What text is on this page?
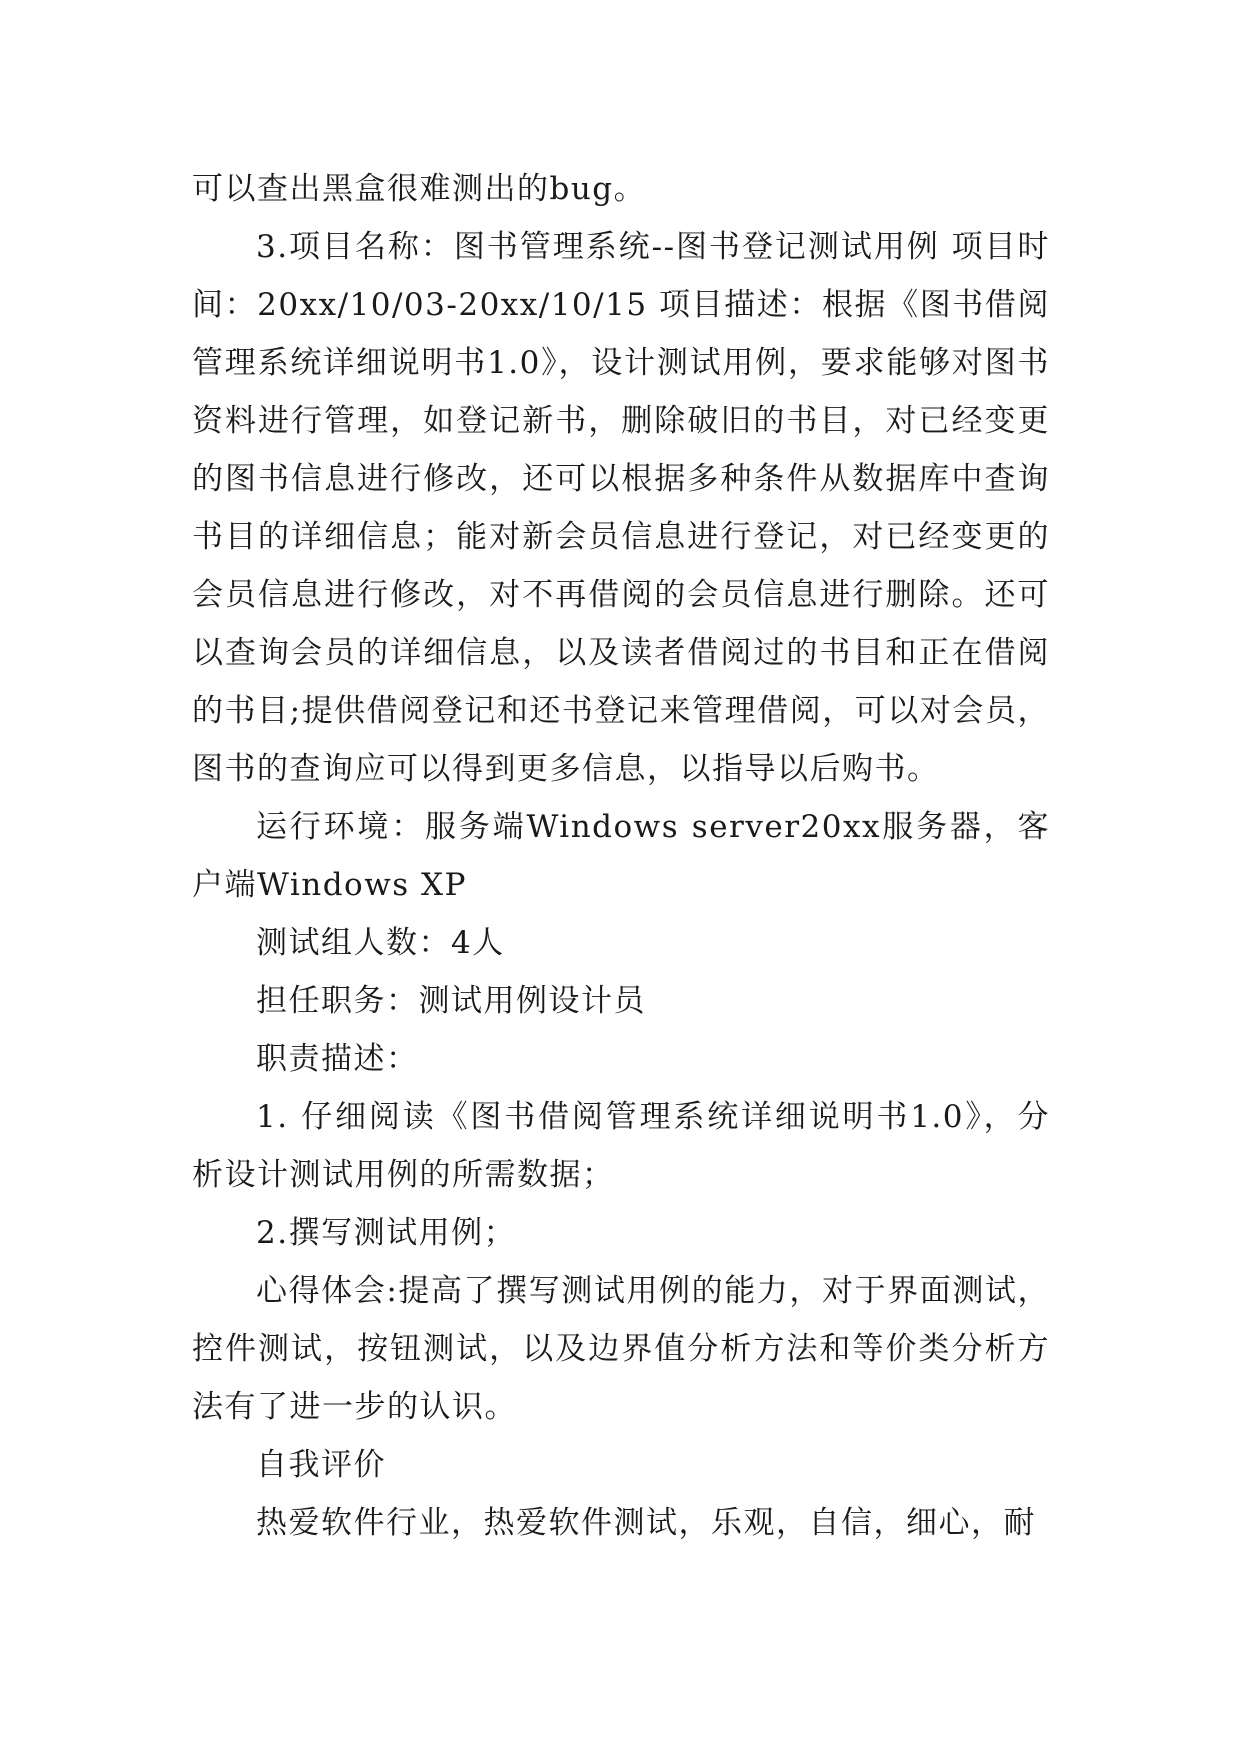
可以查出黑盒很难测出的bug。

3.项目名称：图书管理系统--图书登记测试用例 项目时间：20xx/10/03-20xx/10/15 项目描述：根据《图书借阅管理系统详细说明书1.0》，设计测试用例，要求能够对图书资料进行管理，如登记新书，删除破旧的书目，对已经变更的图书信息进行修改，还可以根据多种条件从数据库中查询书目的详细信息；能对新会员信息进行登记，对已经变更的会员信息进行修改，对不再借阅的会员信息进行删除。还可以查询会员的详细信息，以及读者借阅过的书目和正在借阅的书目;提供借阅登记和还书登记来管理借阅，可以对会员，图书的查询应可以得到更多信息，以指导以后购书。

运行环境：服务端Windows server20xx服务器，客户端Windows XP

测试组人数：4人

担任职务：测试用例设计员

职责描述：

1. 仔细阅读《图书借阅管理系统详细说明书1.0》，分析设计测试用例的所需数据；

2.撰写测试用例；

心得体会:提高了撰写测试用例的能力，对于界面测试，控件测试，按钮测试，以及边界值分析方法和等价类分析方法有了进一步的认识。

自我评价

热爱软件行业，热爱软件测试，乐观，自信，细心，耐
